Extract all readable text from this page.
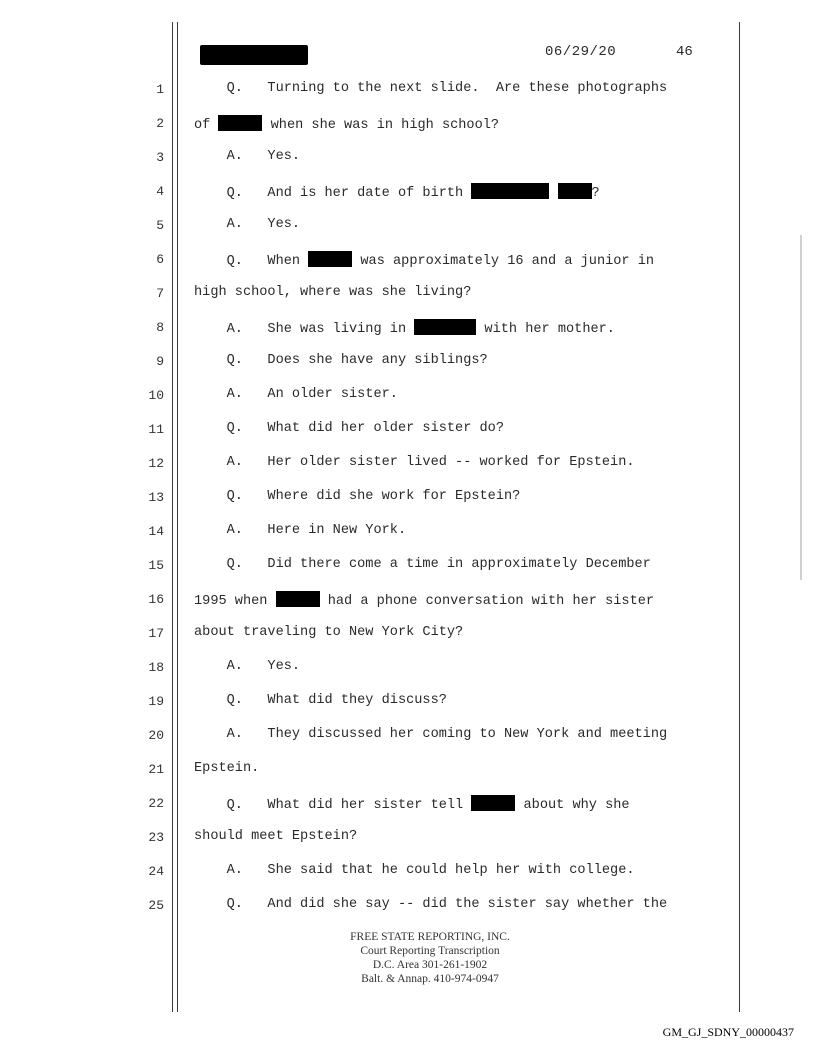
06/29/20	46
1 Q.   Turning to the next slide.  Are these photographs
2 of	when she was in high school?
3 A.   Yes.
4 Q.   And is her date of birth	?
5 A.   Yes.
6 Q.   When	was approximately 16 and a junior in
7 high school, where was she living?
8 A.   She was living in	with her mother.
9 Q.   Does she have any siblings?
10 A.   An older sister.
11 Q.   What did her older sister do?
12 A.   Her older sister lived -- worked for Epstein.
13 Q.   Where did she work for Epstein?
14 A.   Here in New York.
15 Q.   Did there come a time in approximately December
16 1995 when	had a phone conversation with her sister
17 about traveling to New York City?
18 A.   Yes.
19 Q.   What did they discuss?
20 A.   They discussed her coming to New York and meeting
21 Epstein.
22 Q.   What did her sister tell	about why she
23 should meet Epstein?
24 A.   She said that he could help her with college.
25 Q.   And did she say -- did the sister say whether the
FREE STATE REPORTING, INC.
Court Reporting Transcription
D.C. Area 301-261-1902
Balt. & Annap. 410-974-0947
GM_GJ_SDNY_00000437
